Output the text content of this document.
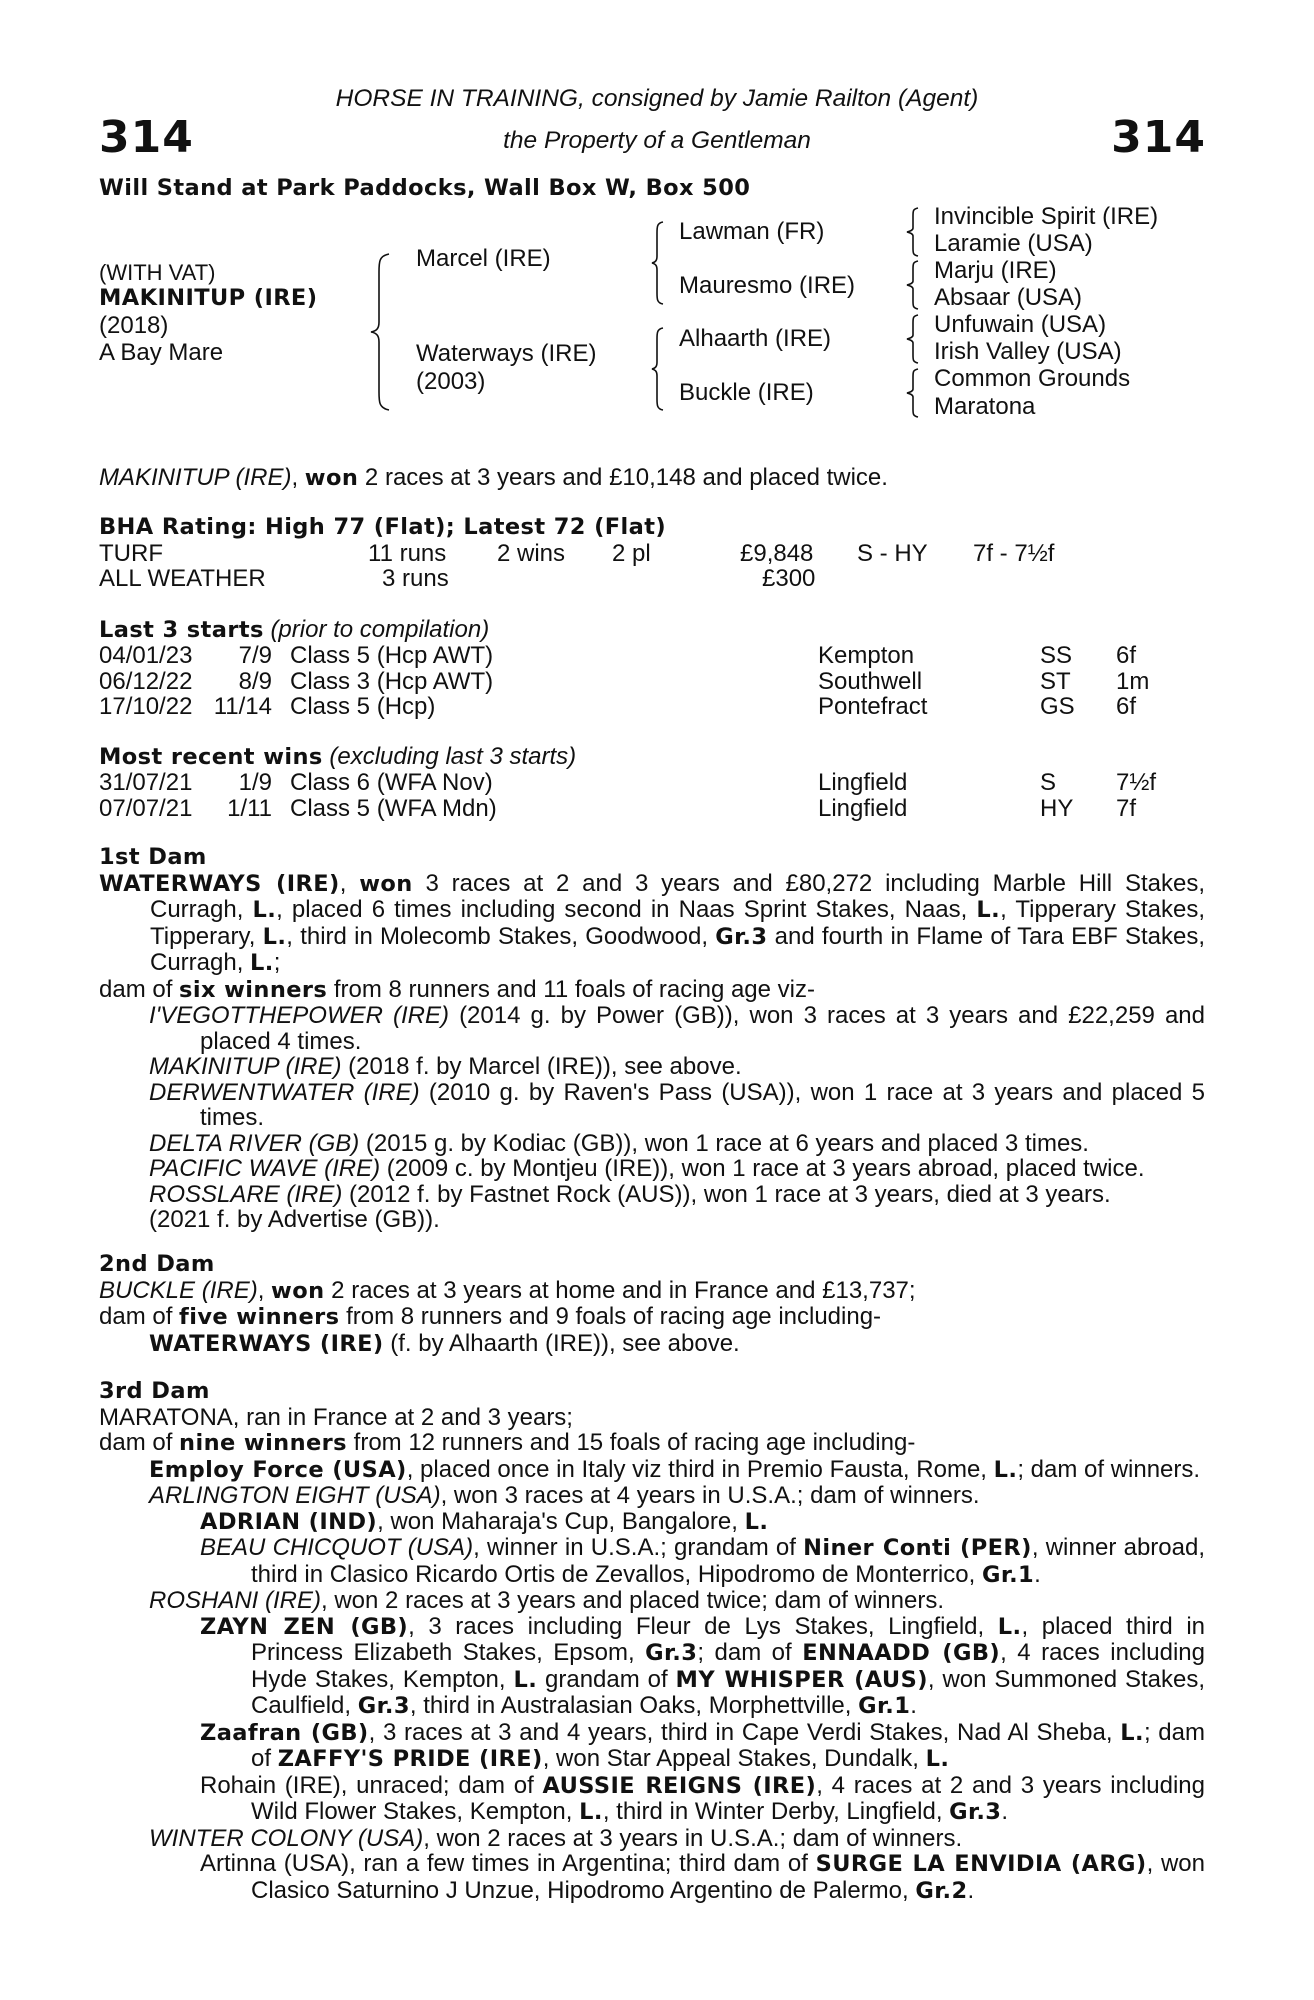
314	314
HORSE IN TRAINING, consigned by Jamie Railton (Agent)
the Property of a Gentleman
Will Stand at Park Paddocks, Wall Box W, Box 500
(WITH VAT)
MAKINITUP (IRE)
(2018)
A Bay Mare
Marcel (IRE)
Waterways (IRE)
(2003)
Lawman (FR)
Mauresmo (IRE)
Alhaarth (IRE)
Buckle (IRE)
Invincible Spirit (IRE)
Laramie (USA)
Marju (IRE)
Absaar (USA)
Unfuwain (USA)
Irish Valley (USA)
Common Grounds
Maratona
MAKINITUP (IRE), won 2 races at 3 years and £10,148 and placed twice.
BHA Rating: High 77 (Flat); Latest 72 (Flat)
TURF	11 runs 2 wins 2 pl	£9,848 S - HY 7f - 7½f
ALL WEATHER	3 runs	£300
Last 3 starts (prior to compilation)
04/01/23 7/9 Class 5 (Hcp AWT)	Kempton	SS 6f
06/12/22 8/9 Class 3 (Hcp AWT)	Southwell	ST 1m
17/10/22 11/14 Class 5 (Hcp)	Pontefract	GS 6f
Most recent wins (excluding last 3 starts)
31/07/21 1/9 Class 6 (WFA Nov)	Lingfield	S 7½f
07/07/21 1/11 Class 5 (WFA Mdn)	Lingfield	HY 7f
1st Dam
WATERWAYS (IRE), won 3 races at 2 and 3 years and £80,272 including Marble Hill Stakes, Curragh, L., placed 6 times including second in Naas Sprint Stakes, Naas, L., Tipperary Stakes, Tipperary, L., third in Molecomb Stakes, Goodwood, Gr.3 and fourth in Flame of Tara EBF Stakes, Curragh, L.;
dam of six winners from 8 runners and 11 foals of racing age viz-
I'VEGOTTHEPOWER (IRE) (2014 g. by Power (GB)), won 3 races at 3 years and £22,259 and placed 4 times.
MAKINITUP (IRE) (2018 f. by Marcel (IRE)), see above.
DERWENTWATER (IRE) (2010 g. by Raven's Pass (USA)), won 1 race at 3 years and placed 5 times.
DELTA RIVER (GB) (2015 g. by Kodiac (GB)), won 1 race at 6 years and placed 3 times.
PACIFIC WAVE (IRE) (2009 c. by Montjeu (IRE)), won 1 race at 3 years abroad, placed twice.
ROSSLARE (IRE) (2012 f. by Fastnet Rock (AUS)), won 1 race at 3 years, died at 3 years.
(2021 f. by Advertise (GB)).
2nd Dam
BUCKLE (IRE), won 2 races at 3 years at home and in France and £13,737;
dam of five winners from 8 runners and 9 foals of racing age including-
WATERWAYS (IRE) (f. by Alhaarth (IRE)), see above.
3rd Dam
MARATONA, ran in France at 2 and 3 years;
dam of nine winners from 12 runners and 15 foals of racing age including-
Employ Force (USA), placed once in Italy viz third in Premio Fausta, Rome, L.; dam of winners.
ARLINGTON EIGHT (USA), won 3 races at 4 years in U.S.A.; dam of winners.
ADRIAN (IND), won Maharaja's Cup, Bangalore, L.
BEAU CHICQUOT (USA), winner in U.S.A.; grandam of Niner Conti (PER), winner abroad, third in Clasico Ricardo Ortis de Zevallos, Hipodromo de Monterrico, Gr.1.
ROSHANI (IRE), won 2 races at 3 years and placed twice; dam of winners.
ZAYN ZEN (GB), 3 races including Fleur de Lys Stakes, Lingfield, L., placed third in Princess Elizabeth Stakes, Epsom, Gr.3; dam of ENNAADD (GB), 4 races including Hyde Stakes, Kempton, L. grandam of MY WHISPER (AUS), won Summoned Stakes, Caulfield, Gr.3, third in Australasian Oaks, Morphettville, Gr.1.
Zaafran (GB), 3 races at 3 and 4 years, third in Cape Verdi Stakes, Nad Al Sheba, L.; dam of ZAFFY'S PRIDE (IRE), won Star Appeal Stakes, Dundalk, L.
Rohain (IRE), unraced; dam of AUSSIE REIGNS (IRE), 4 races at 2 and 3 years including Wild Flower Stakes, Kempton, L., third in Winter Derby, Lingfield, Gr.3.
WINTER COLONY (USA), won 2 races at 3 years in U.S.A.; dam of winners.
Artinna (USA), ran a few times in Argentina; third dam of SURGE LA ENVIDIA (ARG), won Clasico Saturnino J Unzue, Hipodromo Argentino de Palermo, Gr.2.
